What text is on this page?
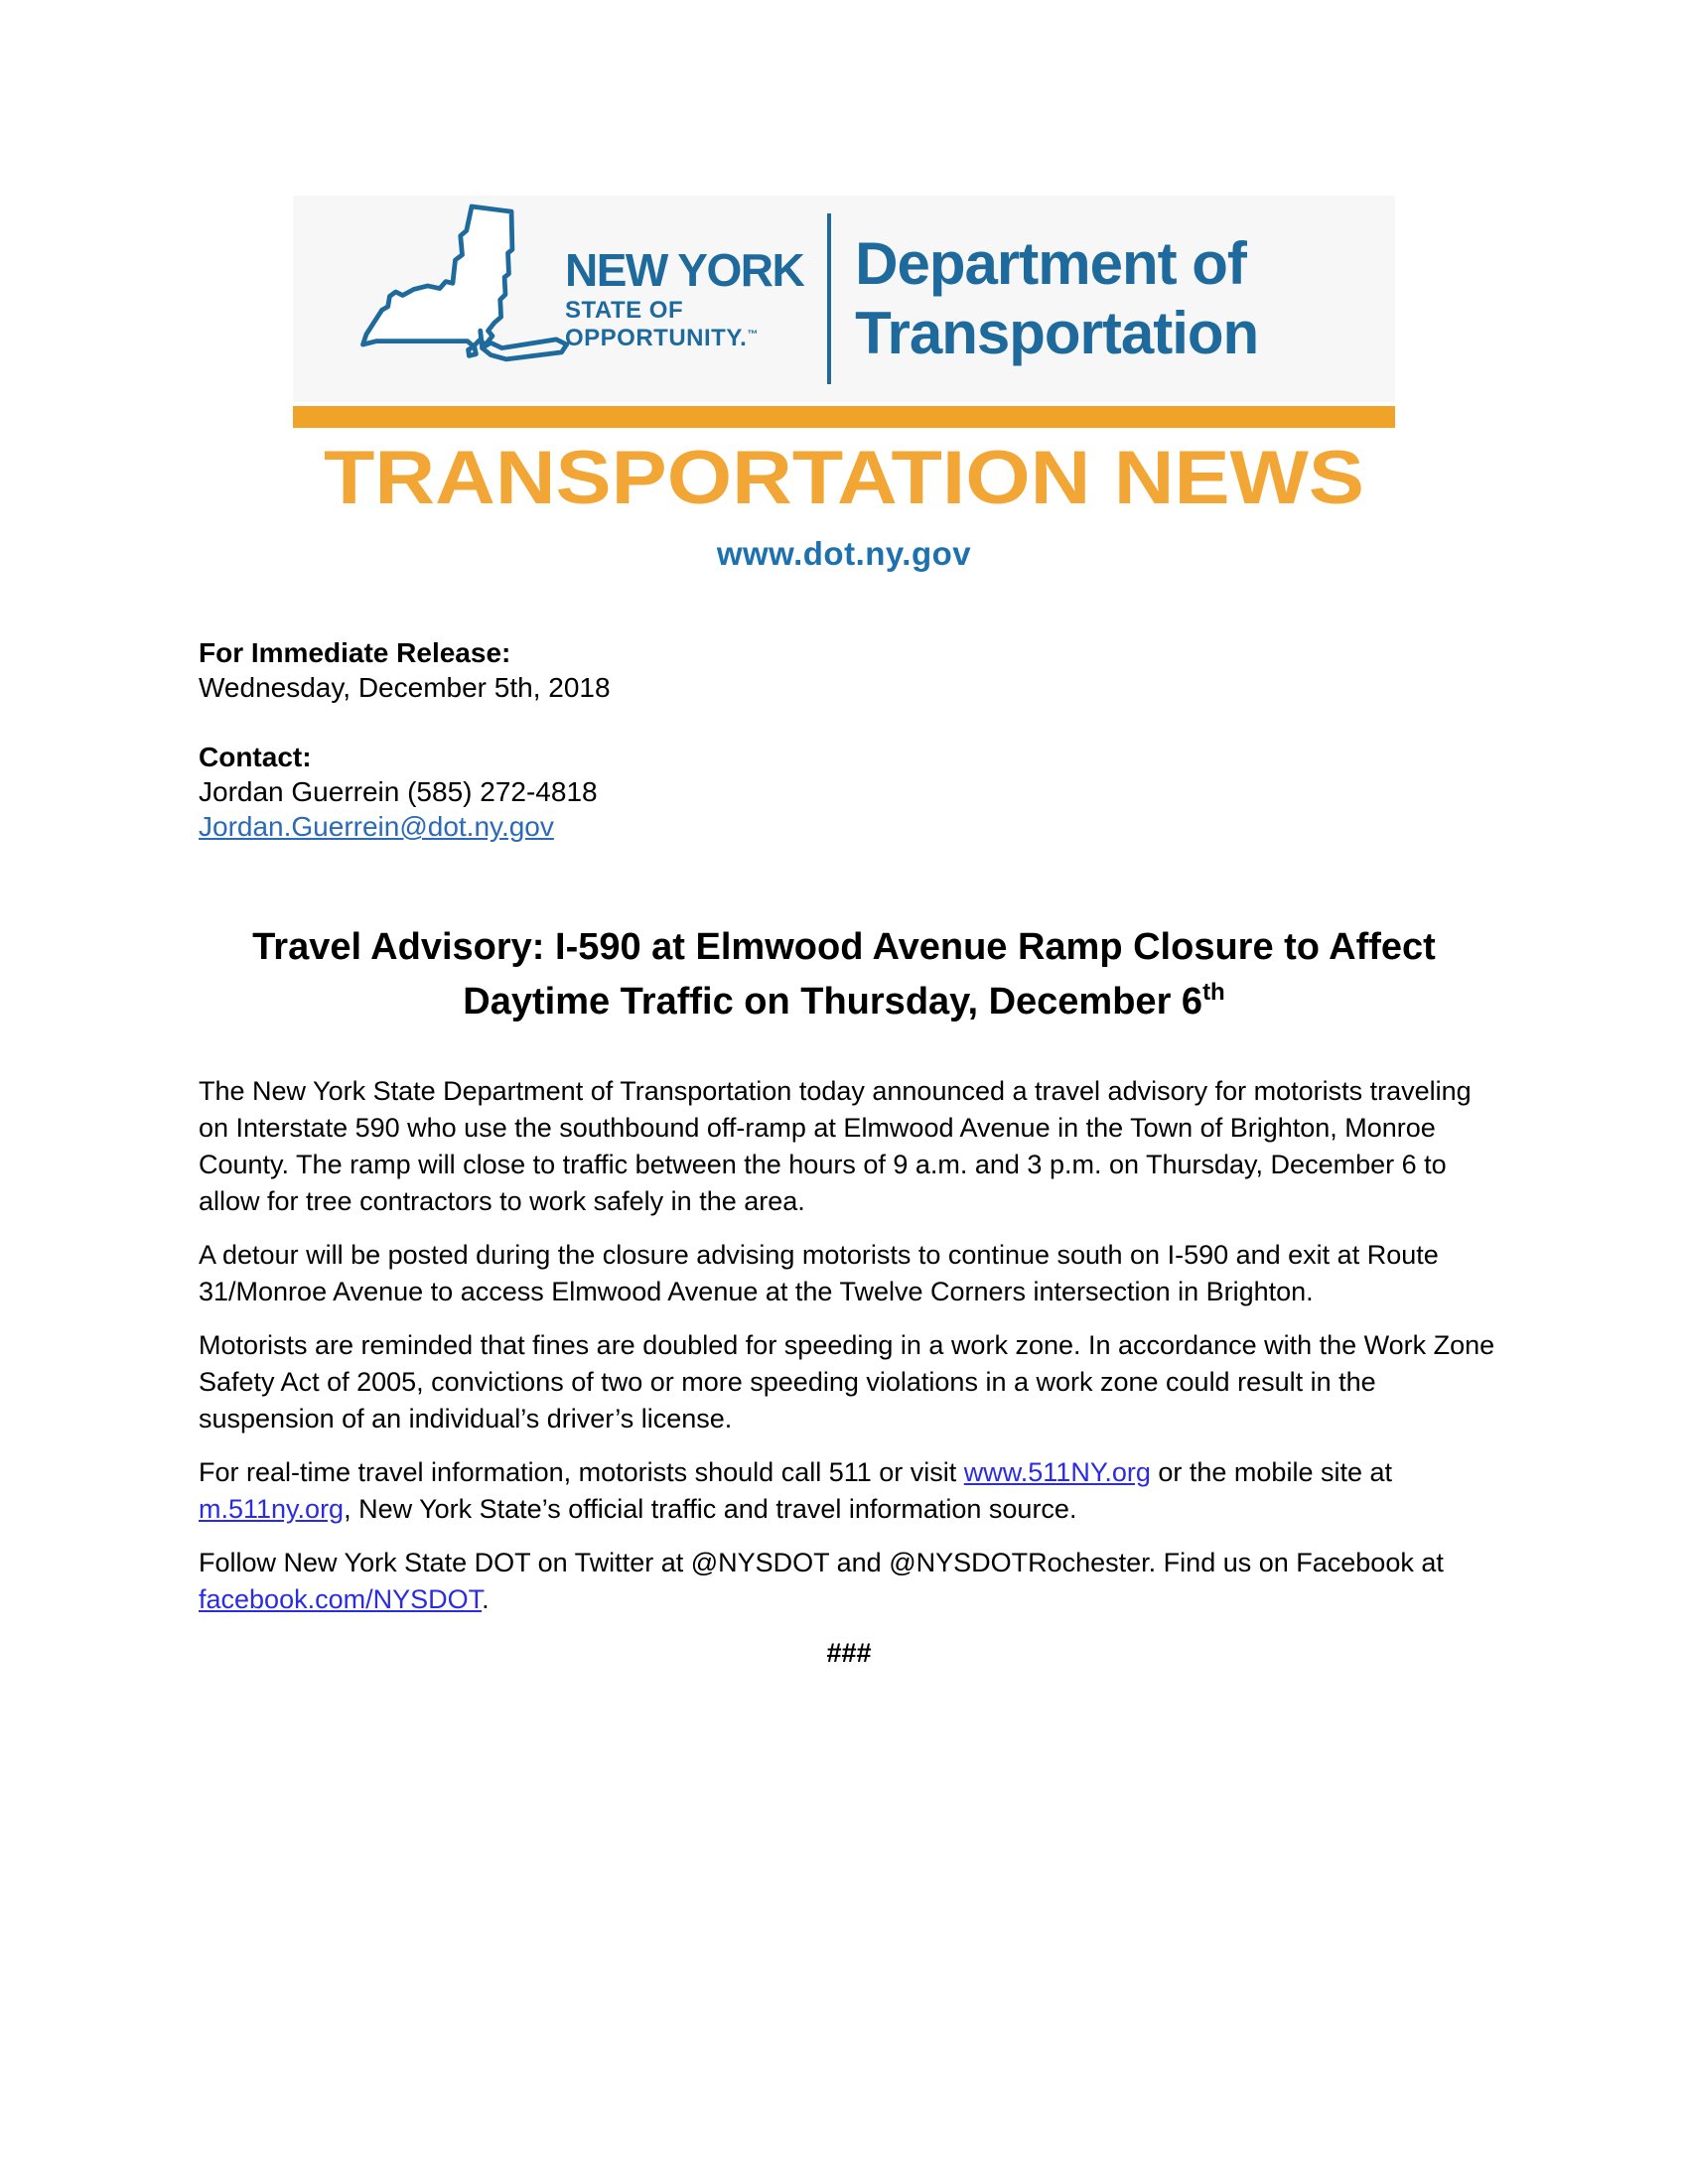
NEW YORK
STATE OF
OPPORTUNITY.™
Department of
Transportation
TRANSPORTATION NEWS
www.dot.ny.gov

For Immediate Release:

Wednesday, December 5th, 2018

Contact:

Jordan Guerrein (585) 272-4818

Jordan.Guerrein@dot.ny.gov

Travel Advisory: I-590 at Elmwood Avenue Ramp Closure to Affect
Daytime Traffic on Thursday, December 6th

The New York State Department of Transportation today announced a travel advisory for motorists traveling on Interstate 590 who use the southbound off-ramp at Elmwood Avenue in the Town of Brighton, Monroe County. The ramp will close to traffic between the hours of 9 a.m. and 3 p.m. on Thursday, December 6 to allow for tree contractors to work safely in the area.

A detour will be posted during the closure advising motorists to continue south on I-590 and exit at Route 31/Monroe Avenue to access Elmwood Avenue at the Twelve Corners intersection in Brighton.

Motorists are reminded that fines are doubled for speeding in a work zone. In accordance with the Work Zone Safety Act of 2005, convictions of two or more speeding violations in a work zone could result in the suspension of an individual’s driver’s license.

For real-time travel information, motorists should call 511 or visit www.511NY.org or the mobile site at m.511ny.org, New York State’s official traffic and travel information source.

Follow New York State DOT on Twitter at @NYSDOT and @NYSDOTRochester. Find us on Facebook at facebook.com/NYSDOT.

###
